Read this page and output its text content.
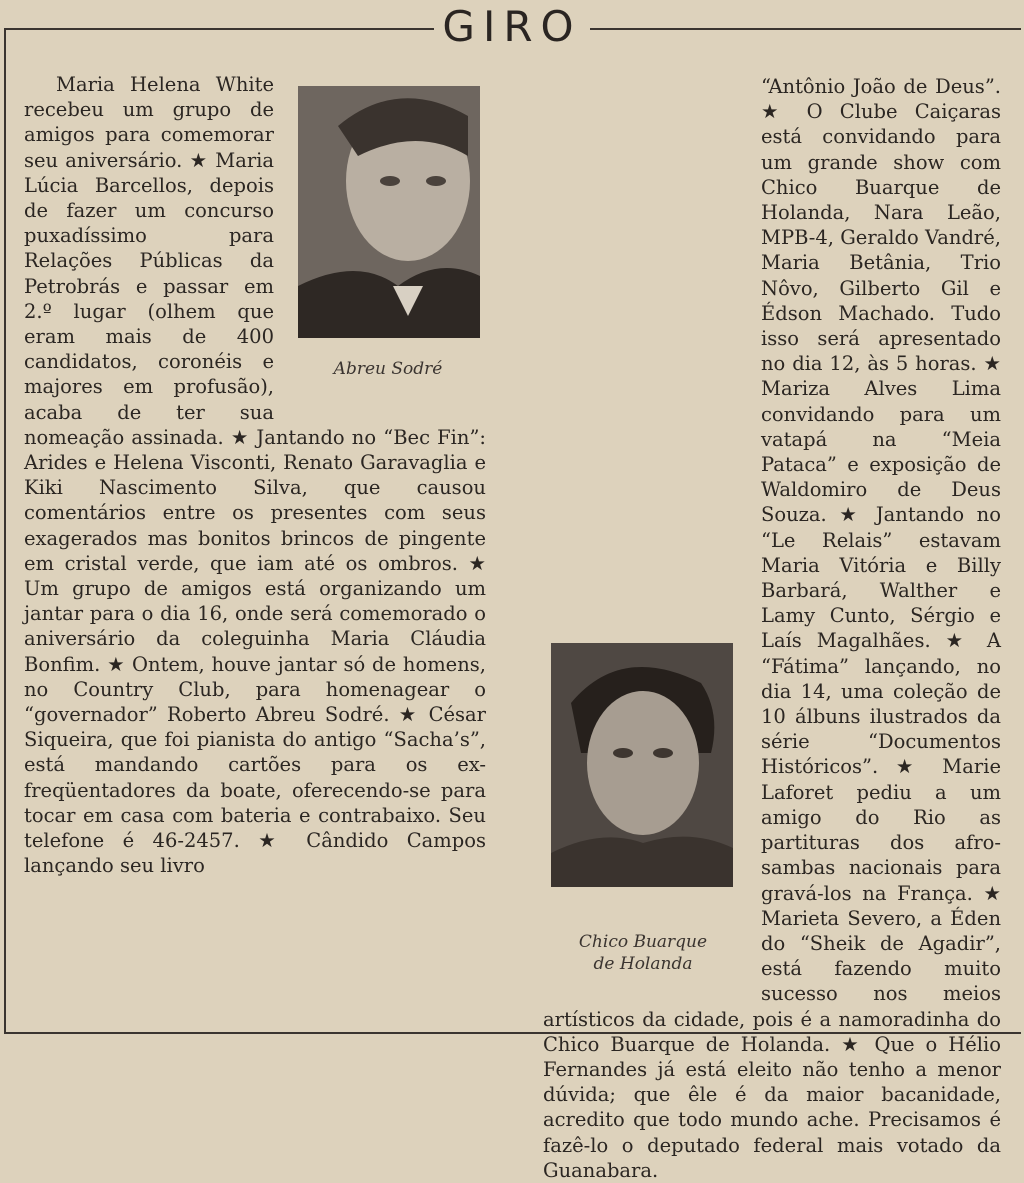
GIRO
Abreu Sodré
Maria Helena White recebeu um grupo de amigos para comemorar seu aniversário. ★ Maria Lúcia Barcellos, depois de fazer um concurso puxadíssimo para Relações Públicas da Petrobrás e passar em 2.º lugar (olhem que eram mais de 400 candidatos, coronéis e majores em profusão), acaba de ter sua nomeação assinada. ★ Jantando no “Bec Fin”: Arides e Helena Visconti, Renato Garavaglia e Kiki Nascimento Silva, que causou comentários entre os presentes com seus exagerados mas bonitos brincos de pingente em cristal verde, que iam até os ombros. ★ Um grupo de amigos está organizando um jantar para o dia 16, onde será comemorado o aniversário da coleguinha Maria Cláudia Bonfim. ★ Ontem, houve jantar só de homens, no Country Club, para homenagear o “governador” Roberto Abreu Sodré. ★ César Siqueira, que foi pianista do antigo “Sacha’s”, está mandando cartões para os ex-freqüentadores da boate, oferecendo-se para tocar em casa com bateria e contrabaixo. Seu telefone é 46-2457. ★ Cândido Campos lançando seu livro
Chico Buarque
de Holanda
“Antônio João de Deus”. ★ O Clube Caiçaras está convidando para um grande show com Chico Buarque de Holanda, Nara Leão, MPB-4, Geraldo Vandré, Maria Betânia, Trio Nôvo, Gilberto Gil e Édson Machado. Tudo isso será apresentado no dia 12, às 5 horas. ★ Mariza Alves Lima convidando para um vatapá na “Meia Pataca” e exposição de Waldomiro de Deus Souza. ★ Jantando no “Le Relais” estavam Maria Vitória e Billy Barbará, Walther e Lamy Cunto, Sérgio e Laís Magalhães. ★ A “Fátima” lançando, no dia 14, uma coleção de 10 álbuns ilustrados da série “Documentos Históricos”. ★ Marie Laforet pediu a um amigo do Rio as partituras dos afro-sambas nacionais para gravá-los na França. ★ Marieta Severo, a Éden do “Sheik de Agadir”, está fazendo muito sucesso nos meios artísticos da cidade, pois é a namoradinha do Chico Buarque de Holanda. ★ Que o Hélio Fernandes já está eleito não tenho a menor dúvida; que êle é da maior bacanidade, acredito que todo mundo ache. Precisamos é fazê-lo o deputado federal mais votado da Guanabara.
